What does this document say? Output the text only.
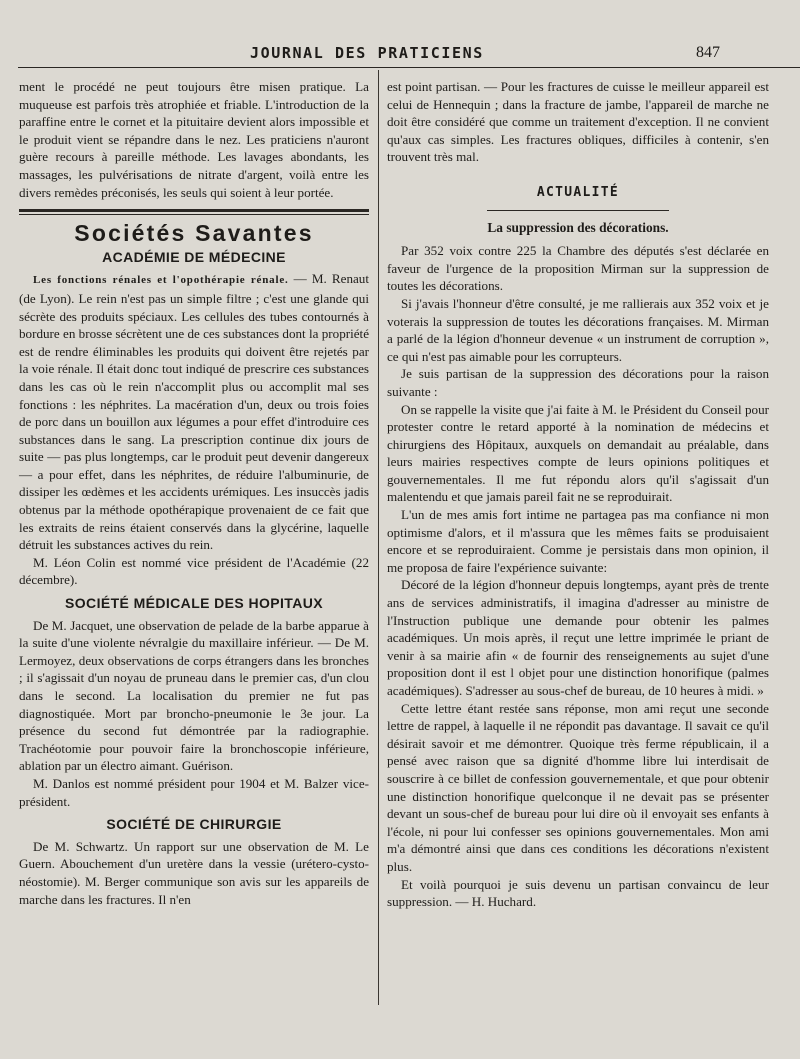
JOURNAL DES PRATICIENS	847

ment le procédé ne peut toujours être misen pratique. La muqueuse est parfois très atrophiée et friable. L'introduction de la paraffine entre le cornet et la pituitaire devient alors impossible et le produit vient se répandre dans le nez. Les praticiens n'auront guère recours à pareille méthode. Les lavages abondants, les massages, les pulvérisations de nitrate d'argent, voilà entre les divers remèdes préconisés, les seuls qui soient à leur portée.

Sociétés Savantes
ACADÉMIE DE MÉDECINE

Les fonctions rénales et l'opothérapie rénale. — M. Renaut (de Lyon). Le rein n'est pas un simple filtre ; c'est une glande qui sécrète des produits spéciaux. Les cellules des tubes contournés à bordure en brosse sécrètent une de ces substances dont la propriété est de rendre éliminables les produits qui doivent être rejetés par la voie rénale. Il était donc tout indiqué de prescrire ces substances dans les cas où le rein n'accomplit plus ou accomplit mal ses fonctions : les néphrites. La macération d'un, deux ou trois foies de porc dans un bouillon aux légumes a pour effet d'introduire ces substances dans le sang. La prescription continue dix jours de suite — pas plus longtemps, car le produit peut devenir dangereux — a pour effet, dans les néphrites, de réduire l'albuminurie, de dissiper les œdèmes et les accidents urémiques. Les insuccès jadis obtenus par la méthode opothérapique provenaient de ce fait que les extraits de reins étaient conservés dans la glycérine, laquelle détruit les substances actives du rein.

M. Léon Colin est nommé vice président de l'Académie (22 décembre).

SOCIÉTÉ MÉDICALE DES HOPITAUX

De M. Jacquet, une observation de pelade de la barbe apparue à la suite d'une violente névralgie du maxillaire inférieur. — De M. Lermoyez, deux observations de corps étrangers dans les bronches ; il s'agissait d'un noyau de pruneau dans le premier cas, d'un clou dans le second. La localisation du premier ne fut pas diagnostiquée. Mort par broncho-pneumonie le 3e jour. La présence du second fut démontrée par la radiographie. Trachéotomie pour pouvoir faire la bronchoscopie inférieure, ablation par un électro aimant. Guérison.

M. Danlos est nommé président pour 1904 et M. Balzer vice-président.

SOCIÉTÉ DE CHIRURGIE

De M. Schwartz. Un rapport sur une observation de M. Le Guern. Abouchement d'un uretère dans la vessie (urétero-cysto-néostomie). M. Berger communique son avis sur les appareils de marche dans les fractures. Il n'en

est point partisan. — Pour les fractures de cuisse le meilleur appareil est celui de Hennequin ; dans la fracture de jambe, l'appareil de marche ne doit être considéré que comme un traitement d'exception. Il ne convient qu'aux cas simples. Les fractures obliques, difficiles à contenir, s'en trouvent très mal.

ACTUALITÉ
La suppression des décorations.

Par 352 voix contre 225 la Chambre des députés s'est déclarée en faveur de l'urgence de la proposition Mirman sur la suppression de toutes les décorations.

Si j'avais l'honneur d'être consulté, je me rallierais aux 352 voix et je voterais la suppression de toutes les décorations françaises. M. Mirman a parlé de la légion d'honneur devenue « un instrument de corruption », ce qui n'est pas aimable pour les corrupteurs.

Je suis partisan de la suppression des décorations pour la raison suivante :

On se rappelle la visite que j'ai faite à M. le Président du Conseil pour protester contre le retard apporté à la nomination de médecins et chirurgiens des Hôpitaux, auxquels on demandait au préalable, dans leurs mairies respectives compte de leurs opinions politiques et gouvernementales. Il me fut répondu alors qu'il s'agissait d'un malentendu et que jamais pareil fait ne se reproduirait.

L'un de mes amis fort intime ne partagea pas ma confiance ni mon optimisme d'alors, et il m'assura que les mêmes faits se produisaient encore et se reproduiraient. Comme je persistais dans mon opinion, il me proposa de faire l'expérience suivante:

Décoré de la légion d'honneur depuis longtemps, ayant près de trente ans de services administratifs, il imagina d'adresser au ministre de l'Instruction publique une demande pour obtenir les palmes académiques. Un mois après, il reçut une lettre imprimée le priant de venir à sa mairie afin « de fournir des renseignements au sujet d'une proposition dont il est l objet pour une distinction honorifique (palmes académiques). S'adresser au sous-chef de bureau, de 10 heures à midi. »

Cette lettre étant restée sans réponse, mon ami reçut une seconde lettre de rappel, à laquelle il ne répondit pas davantage. Il savait ce qu'il désirait savoir et me démontrer. Quoique très ferme républicain, il a pensé avec raison que sa dignité d'homme libre lui interdisait de souscrire à ce billet de confession gouvernementale, et que pour obtenir une distinction honorifique quelconque il ne devait pas se présenter devant un sous-chef de bureau pour lui dire où il envoyait ses enfants à l'école, ni pour lui confesser ses opinions gouvernementales. Mon ami m'a démontré ainsi que dans ces conditions les décorations n'existent plus.

Et voilà pourquoi je suis devenu un partisan convaincu de leur suppression. — H. Huchard.
